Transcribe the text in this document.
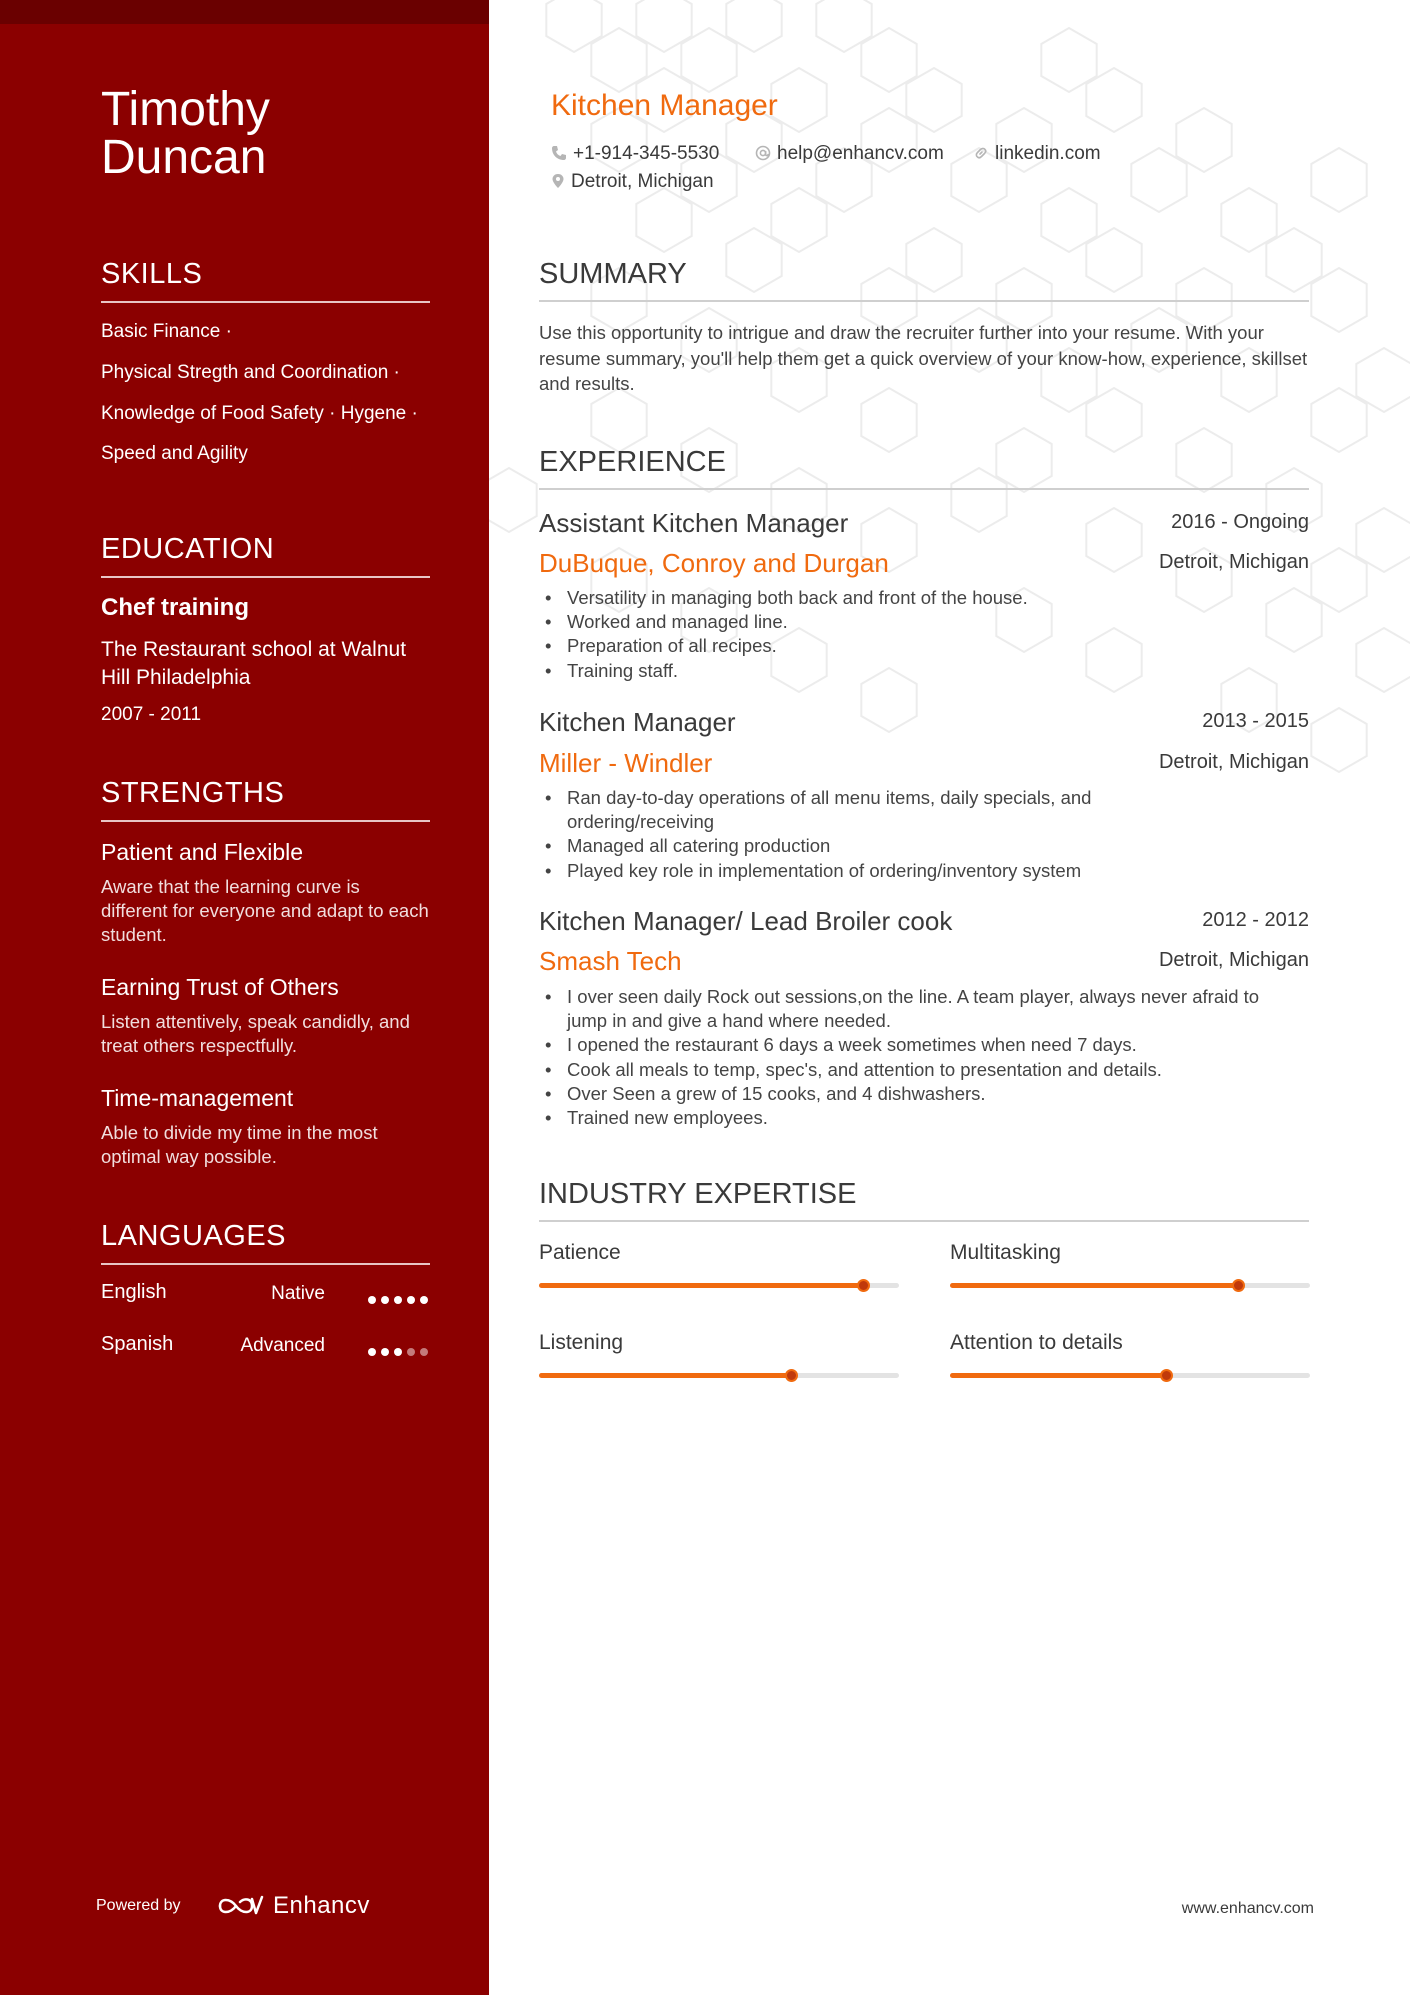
Timothy
Duncan
SKILLS
Basic Finance ·
Physical Stregth and Coordination ·
Knowledge of Food Safety · Hygene ·
Speed and Agility
EDUCATION
Chef training
The Restaurant school at Walnut Hill Philadelphia
2007 - 2011
STRENGTHS
Patient and Flexible
Aware that the learning curve is different for everyone and adapt to each student.
Earning Trust of Others
Listen attentively, speak candidly, and treat others respectfully.
Time-management
Able to divide my time in the most optimal way possible.
LANGUAGES
English	Native
Spanish	Advanced
Powered by	Enhancv
Kitchen Manager
+1-914-345-5530	help@enhancv.com	linkedin.com
Detroit, Michigan
SUMMARY
Use this opportunity to intrigue and draw the recruiter further into your resume. With your resume summary, you'll help them get a quick overview of your know-how, experience, skillset and results.
EXPERIENCE
Assistant Kitchen Manager	2016 - Ongoing
DuBuque, Conroy and Durgan	Detroit, Michigan
• Versatility in managing both back and front of the house.
• Worked and managed line.
• Preparation of all recipes.
• Training staff.
Kitchen Manager	2013 - 2015
Miller - Windler	Detroit, Michigan
• Ran day-to-day operations of all menu items, daily specials, and ordering/receiving
• Managed all catering production
• Played key role in implementation of ordering/inventory system
Kitchen Manager/ Lead Broiler cook	2012 - 2012
Smash Tech	Detroit, Michigan
• I over seen daily Rock out sessions,on the line. A team player, always never afraid to jump in and give a hand where needed.
• I opened the restaurant 6 days a week sometimes when need 7 days.
• Cook all meals to temp, spec's, and attention to presentation and details.
• Over Seen a grew of 15 cooks, and 4 dishwashers.
• Trained new employees.
INDUSTRY EXPERTISE
Patience	Multitasking
Listening	Attention to details
www.enhancv.com
